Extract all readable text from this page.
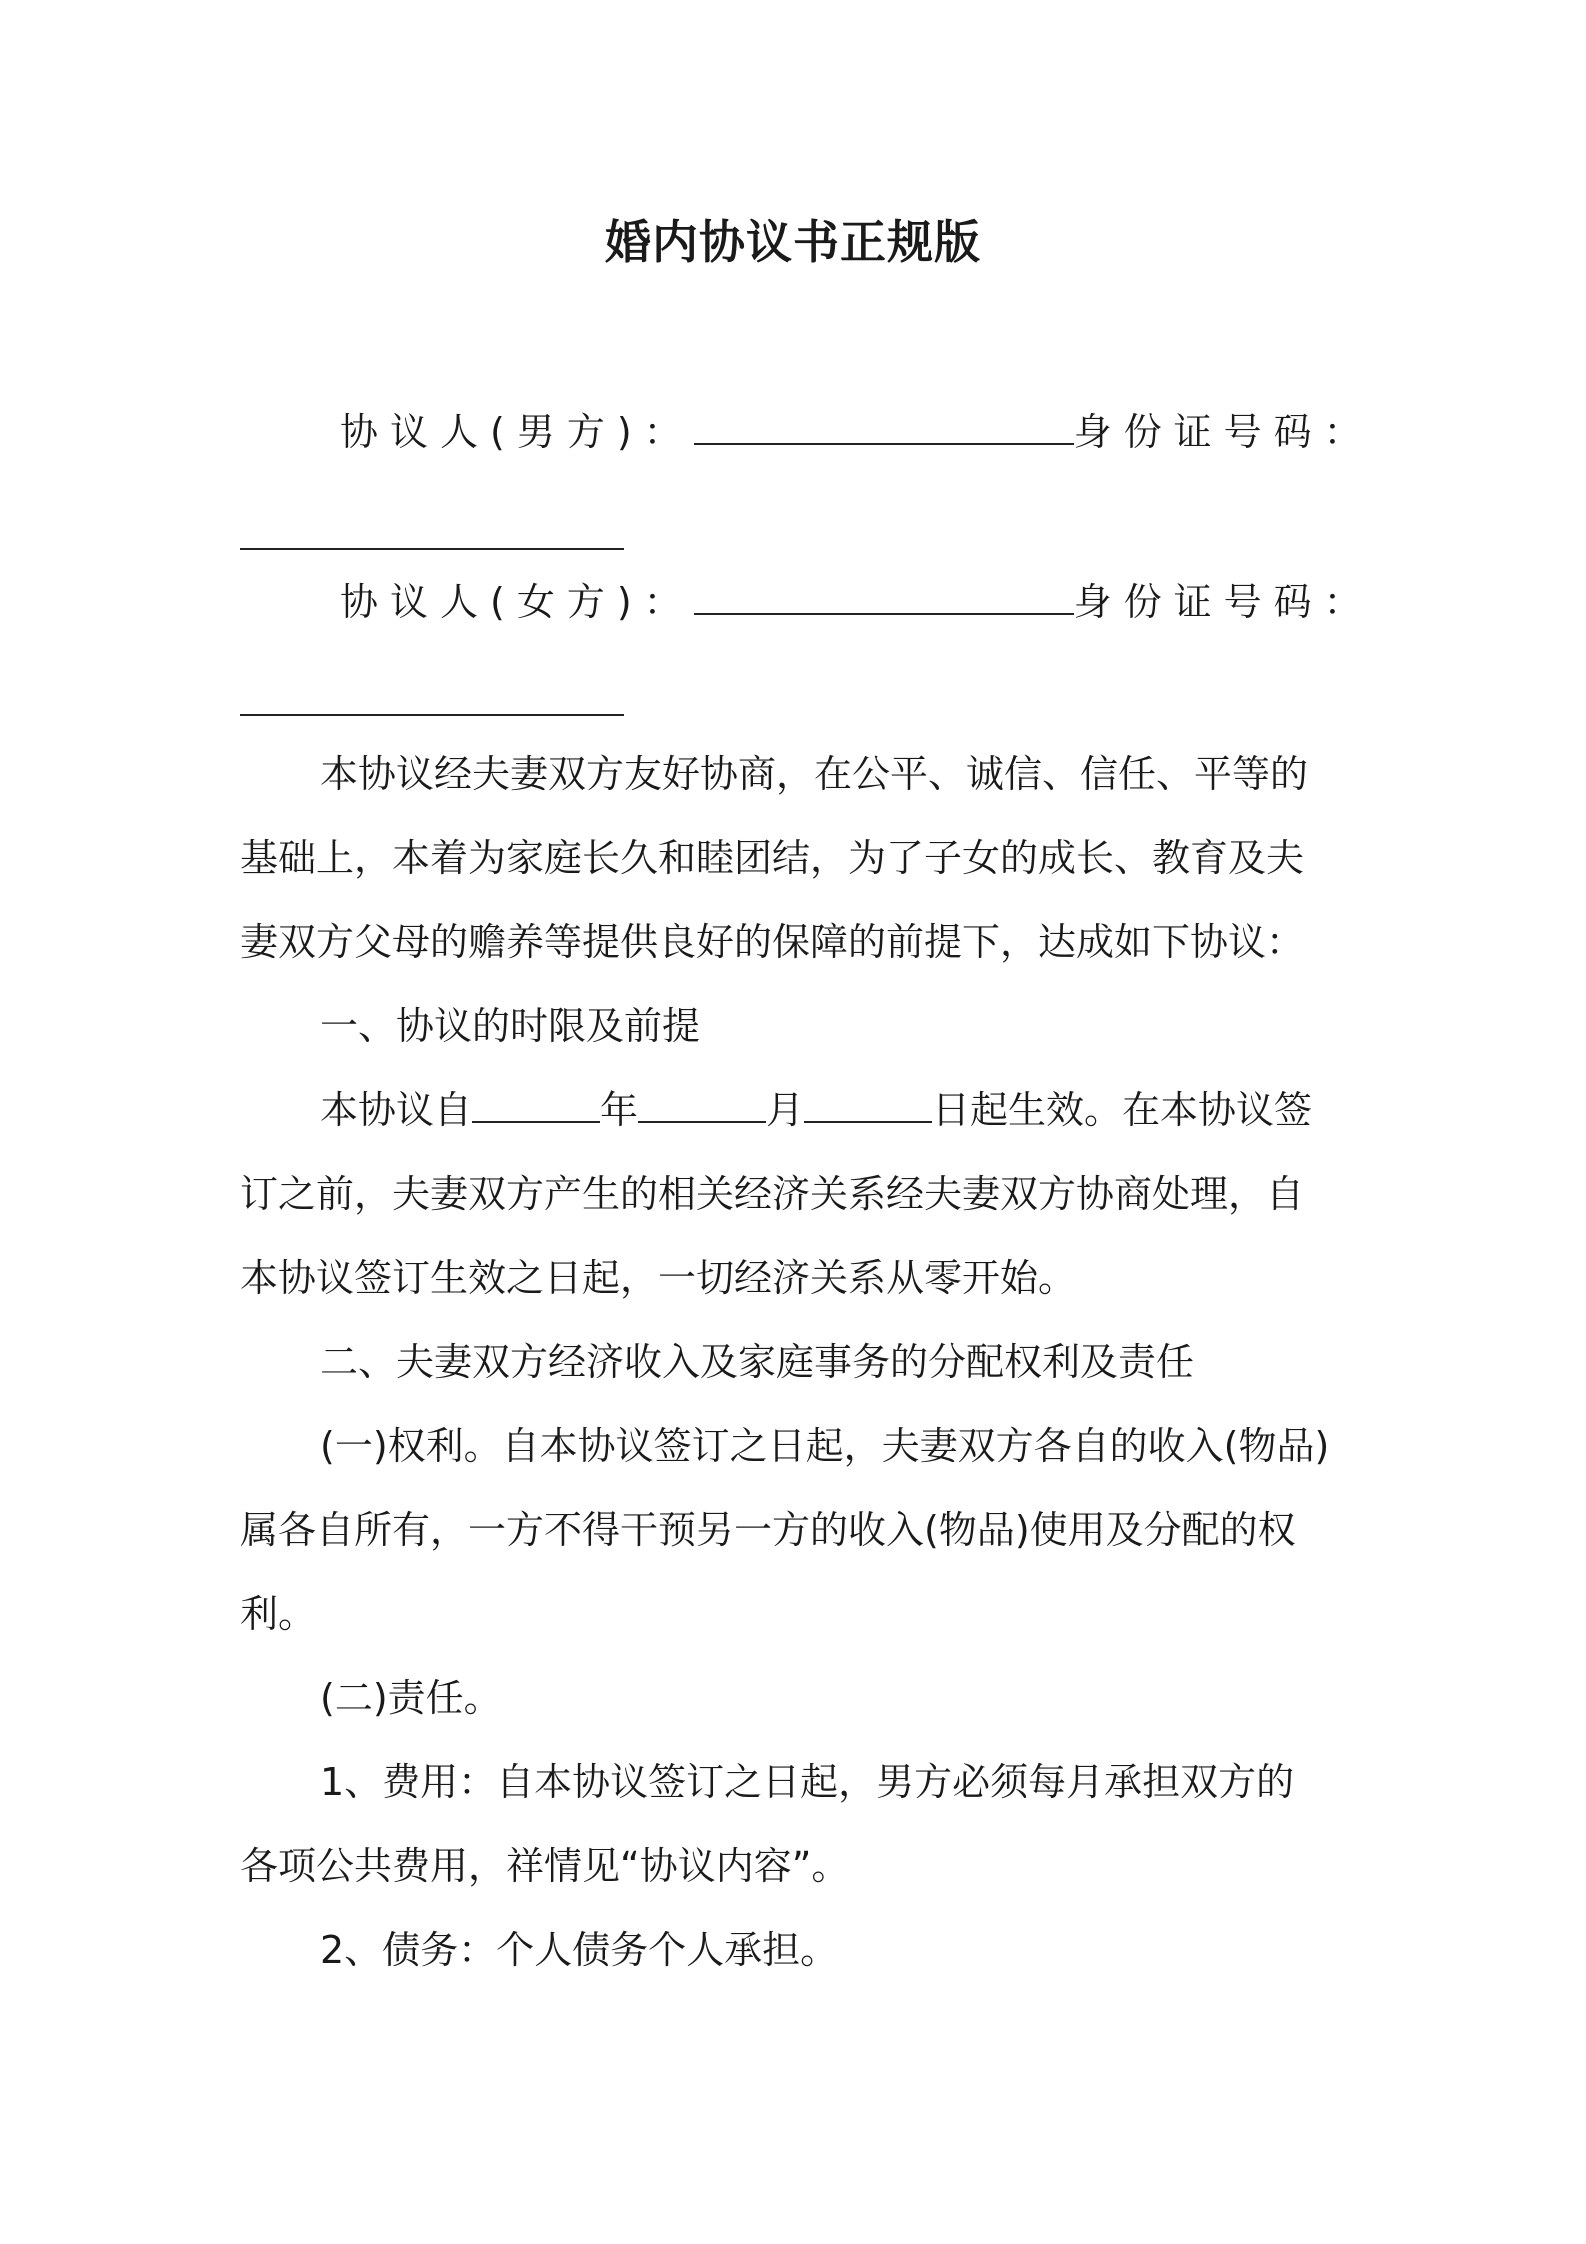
婚内协议书正规版
协议人(男方)：	身份证号码：
协议人(女方)：	身份证号码：
本协议经夫妻双方友好协商，在公平、诚信、信任、平等的
基础上，本着为家庭长久和睦团结，为了子女的成长、教育及夫
妻双方父母的赡养等提供良好的保障的前提下，达成如下协议：
一、协议的时限及前提
本协议自	年	月	日起生效。在本协议签
订之前，夫妻双方产生的相关经济关系经夫妻双方协商处理，自
本协议签订生效之日起，一切经济关系从零开始。
二、夫妻双方经济收入及家庭事务的分配权利及责任
(一)权利。自本协议签订之日起，夫妻双方各自的收入(物品)
属各自所有，一方不得干预另一方的收入(物品)使用及分配的权
利。
(二)责任。
1、费用：自本协议签订之日起，男方必须每月承担双方的
各项公共费用，祥情见“协议内容”。
2、债务：个人债务个人承担。
